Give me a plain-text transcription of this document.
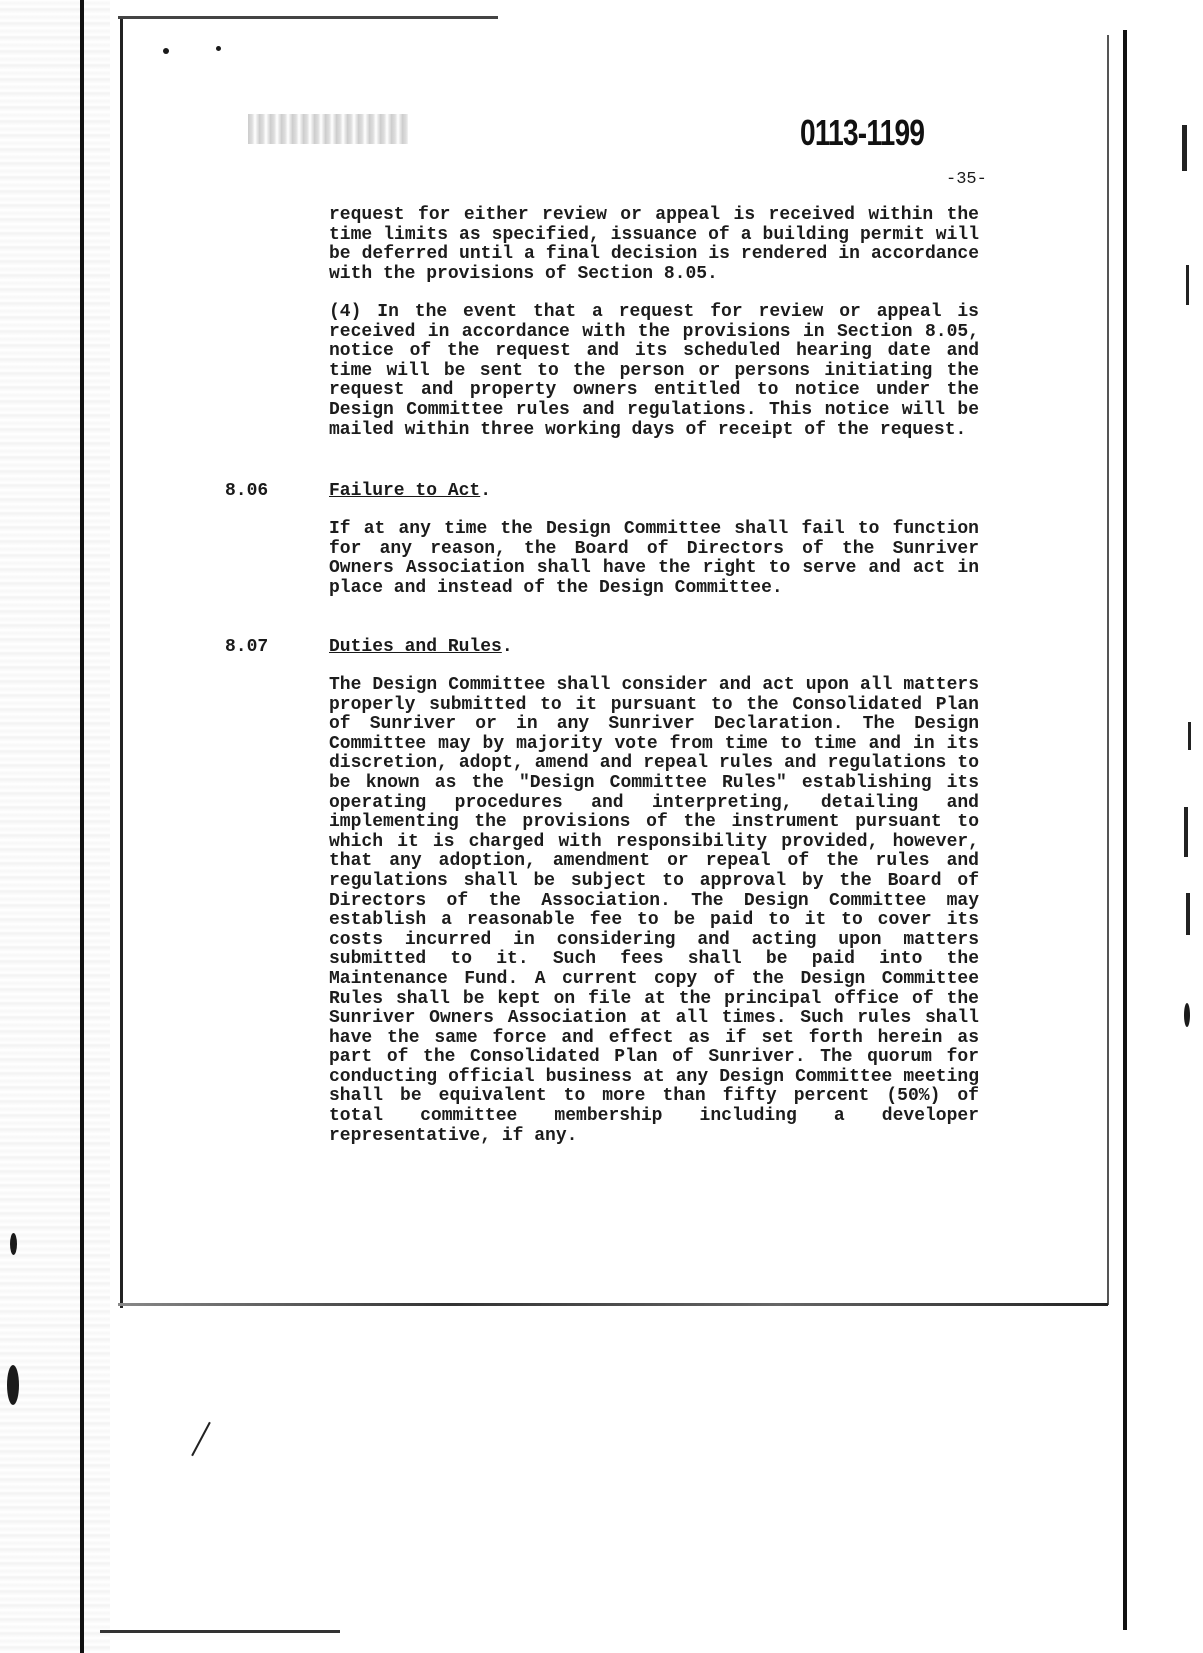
0113-1199

-35-

request for either review or appeal is received within the time limits as specified, issuance of a building permit will be deferred until a final decision is rendered in accordance with the provisions of Section 8.05.

(4) In the event that a request for review or appeal is received in accordance with the provisions in Section 8.05, notice of the request and its scheduled hearing date and time will be sent to the person or persons initiating the request and property owners entitled to notice under the Design Committee rules and regulations. This notice will be mailed within three working days of receipt of the request.

8.06	Failure to Act.

If at any time the Design Committee shall fail to function for any reason, the Board of Directors of the Sunriver Owners Association shall have the right to serve and act in place and instead of the Design Committee.

8.07	Duties and Rules.

The Design Committee shall consider and act upon all matters properly submitted to it pursuant to the Consolidated Plan of Sunriver or in any Sunriver Declaration. The Design Committee may by majority vote from time to time and in its discretion, adopt, amend and repeal rules and regulations to be known as the "Design Committee Rules" establishing its operating procedures and interpreting, detailing and implementing the provisions of the instrument pursuant to which it is charged with responsibility provided, however, that any adoption, amendment or repeal of the rules and regulations shall be subject to approval by the Board of Directors of the Association. The Design Committee may establish a reasonable fee to be paid to it to cover its costs incurred in considering and acting upon matters submitted to it. Such fees shall be paid into the Maintenance Fund. A current copy of the Design Committee Rules shall be kept on file at the principal office of the Sunriver Owners Association at all times. Such rules shall have the same force and effect as if set forth herein as part of the Consolidated Plan of Sunriver. The quorum for conducting official business at any Design Committee meeting shall be equivalent to more than fifty percent (50%) of total committee membership including a developer representative, if any.
